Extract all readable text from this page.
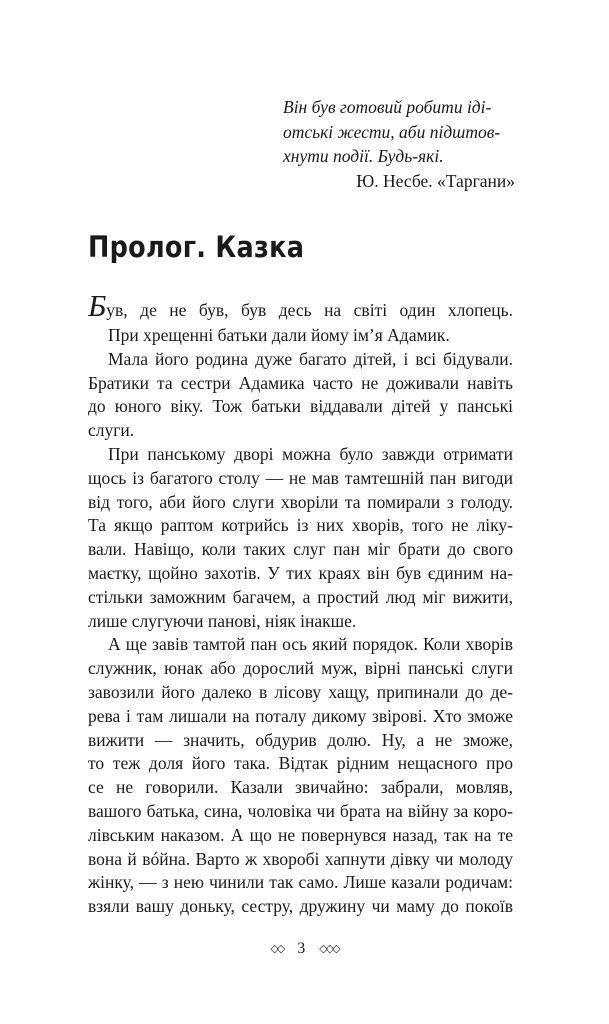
Він був готовий робити іді-
отські жести, аби підштов-
хнути події. Будь-які.
Ю. Несбе. «Таргани»
Пролог. Казка
Був, де не був, був десь на світі один хлопець.
При хрещенні батьки дали йому ім’я Адамик.
Мала його родина дуже багато дітей, і всі бідували.
Братики та сестри Адамика часто не доживали навіть
до юного віку. Тож батьки віддавали дітей у панські
слуги.
При панському дворі можна було завжди отримати
щось із багатого столу — не мав тамтешній пан вигоди
від того, аби його слуги хворіли та помирали з голоду.
Та якщо раптом котрийсь із них хворів, того не ліку-
вали. Навіщо, коли таких слуг пан міг брати до свого
маєтку, щойно захотів. У тих краях він був єдиним на-
стільки заможним багачем, а простий люд міг вижити,
лише слугуючи панові, ніяк інакше.
А ще завів тамтой пан ось який порядок. Коли хворів
служник, юнак або дорослий муж, вірні панські слуги
завозили його далеко в лісову хащу, припинали до де-
рева і там лишали на поталу дикому звірові. Хто зможе
вижити — значить, обдурив долю. Ну, а не зможе,
то теж доля його така. Відтак рідним нещасного про
се не говорили. Казали звичайно: забрали, мовляв,
вашого батька, сина, чоловіка чи брата на війну за коро-
лівським наказом. А що не повернувся назад, так на те
вона й вóйна. Варто ж хворобі хапнути дівку чи молоду
жінку, — з нею чинили так само. Лише казали родичам:
взяли вашу доньку, сестру, дружину чи маму до покоїв
◇◇ 3 ◇◇◇
